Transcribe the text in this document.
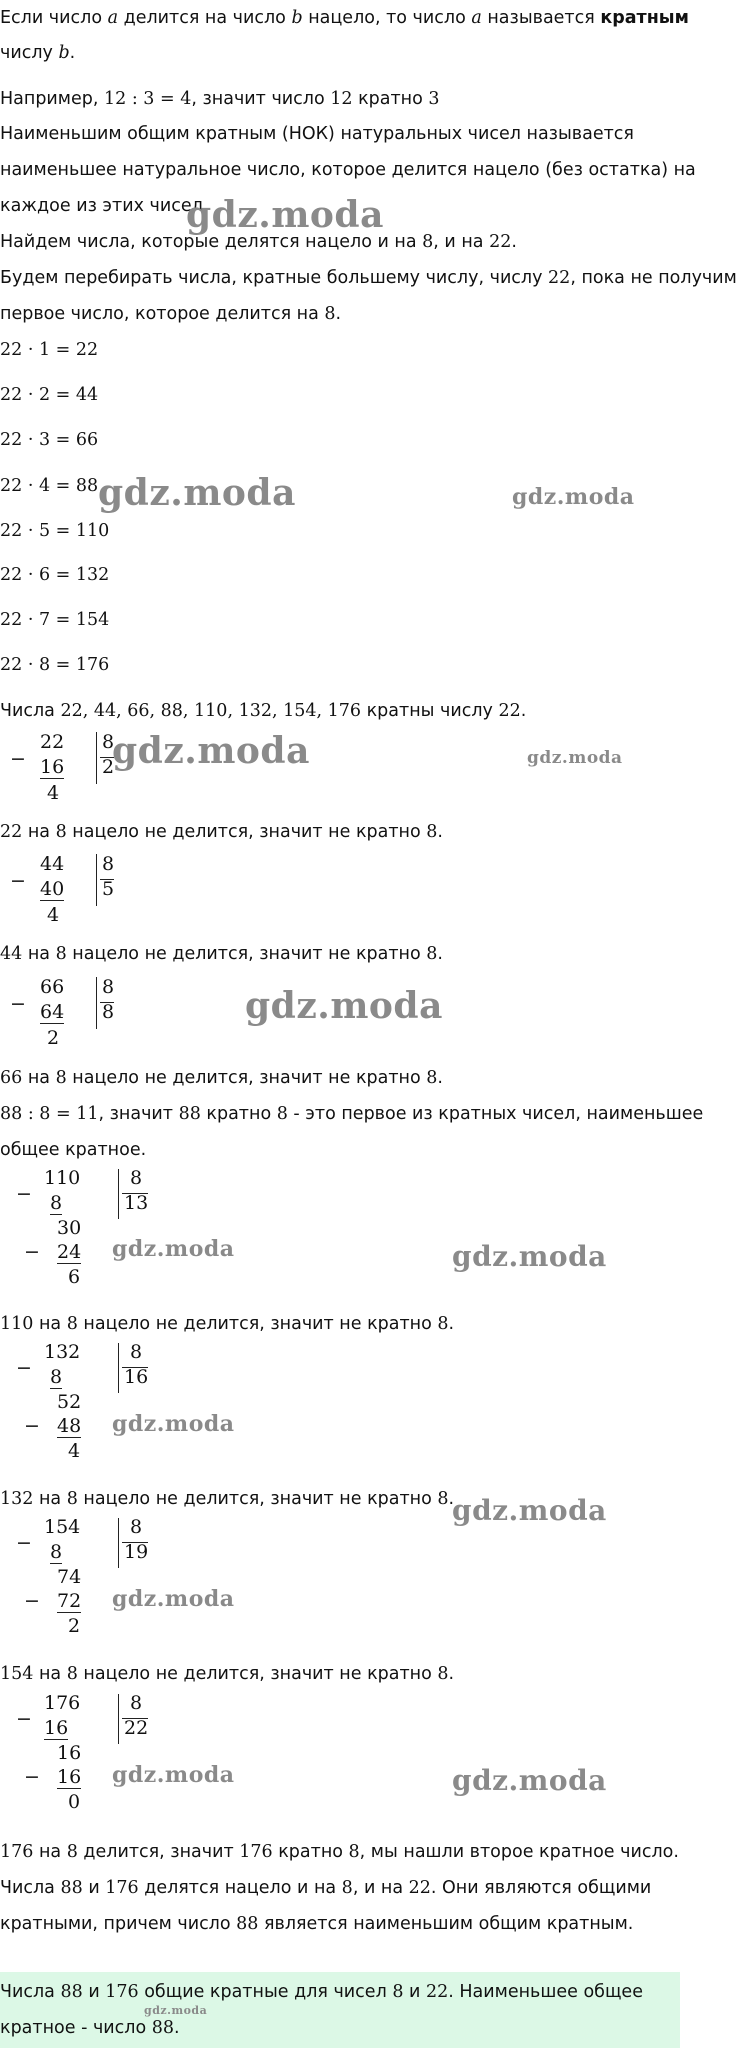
Если число a делится на число b нацело, то число a называется кратным
числу b.
Например, 12 : 3 = 4, значит число 12 кратно 3
Наименьшим общим кратным (НОК) натуральных чисел называется
наименьшее натуральное число, которое делится нацело (без остатка) на
каждое из этих чисел
gdz.moda
Найдем числа, которые делятся нацело и на 8, и на 22.
Будем перебирать числа, кратные большему числу, числу 22, пока не получим
первое число, которое делится на 8.
22 · 1 = 22
22 · 2 = 44
22 · 3 = 66
22 · 4 = 88 gdz.moda	gdz.moda
22 · 5 = 110
22 · 6 = 132
22 · 7 = 154
22 · 8 = 176
Числа 22, 44, 66, 88, 110, 132, 154, 176 кратны числу 22.
−
22
16
4
8
2
gdz.moda	gdz.moda
22 на 8 нацело не делится, значит не кратно 8.
−
44
40
4
8
5
44 на 8 нацело не делится, значит не кратно 8.
−
66
64
2
8
8	gdz.moda
66 на 8 нацело не делится, значит не кратно 8.
88 : 8 = 11, значит 88 кратно 8 - это первое из кратных чисел, наименьшее
общее кратное.
−
110
8
30
− 24
6
8
13
gdz.moda	gdz.moda
110 на 8 нацело не делится, значит не кратно 8.
−
132
8
52
− 48
4
8
16
gdz.moda
132 на 8 нацело не делится, значит не кратно 8.
gdz.moda
−
154
8
74
− 72
2
8
19
gdz.moda
154 на 8 нацело не делится, значит не кратно 8.
−
176
16
16
− 16
0
8
22
gdz.moda	gdz.moda
176 на 8 делится, значит 176 кратно 8, мы нашли второе кратное число.
Числа 88 и 176 делятся нацело и на 8, и на 22. Они являются общими
кратными, причем число 88 является наименьшим общим кратным.
Числа 88 и 176 общие кратные для чисел 8 и 22. Наименьшее общее
gdz.moda
кратное - число 88.
